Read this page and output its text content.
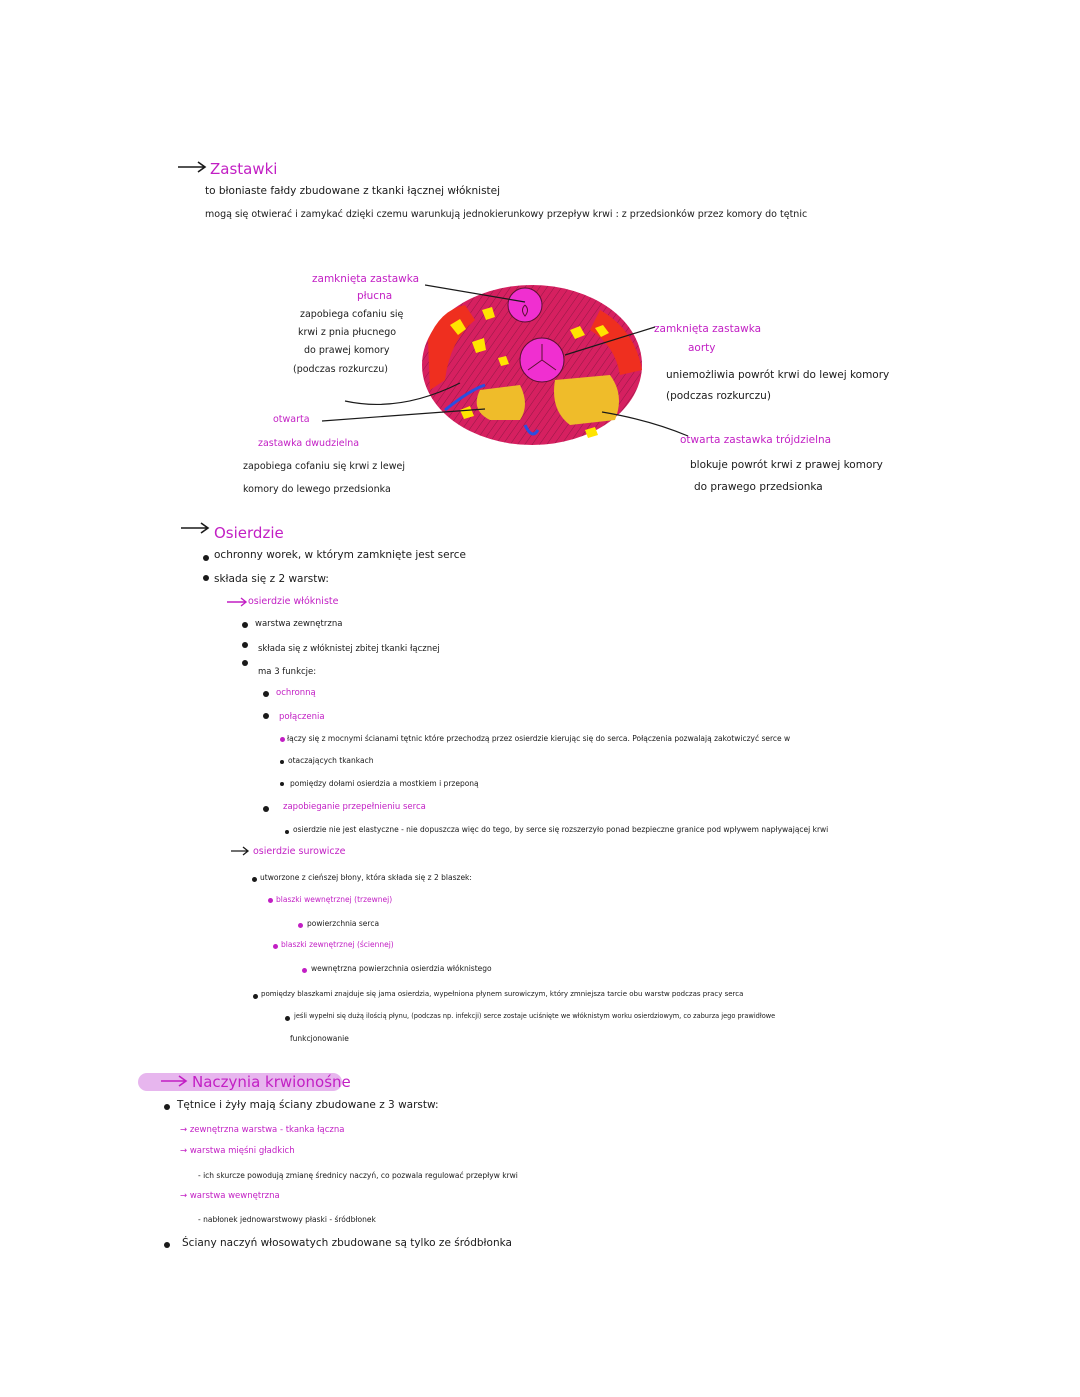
Zastawki
to błoniaste fałdy zbudowane z tkanki łącznej włóknistej
mogą się otwierać i zamykać dzięki czemu warunkują jednokierunkowy przepływ krwi : z przedsionków przez komory do tętnic
zamknięta zastawka
płucna
zapobiega cofaniu się
krwi z pnia płucnego
do prawej komory
(podczas rozkurczu)
zamknięta zastawka
aorty
uniemożliwia powrót krwi do lewej komory
(podczas rozkurczu)
otwarta
zastawka dwudzielna
zapobiega cofaniu się krwi z lewej
komory do lewego przedsionka
otwarta zastawka trójdzielna
blokuje powrót krwi z prawej komory
do prawego przedsionka
Osierdzie
ochronny worek, w którym zamknięte jest serce
składa się z 2 warstw:
osierdzie włókniste
warstwa zewnętrzna
składa się z włóknistej zbitej tkanki łącznej
ma 3 funkcje:
ochronną
połączenia
łączy się z mocnymi ścianami tętnic które przechodzą przez osierdzie kierując się do serca. Połączenia pozwalają zakotwiczyć serce w
otaczających tkankach
pomiędzy dołami osierdzia a mostkiem i przeponą
zapobieganie przepełnieniu serca
osierdzie nie jest elastyczne - nie dopuszcza więc do tego, by serce się rozszerzyło ponad bezpieczne granice pod wpływem napływającej krwi
osierdzie surowicze
utworzone z cieńszej błony, która składa się z 2 blaszek:
blaszki wewnętrznej (trzewnej)
powierzchnia serca
blaszki zewnętrznej (ściennej)
wewnętrzna powierzchnia osierdzia włóknistego
pomiędzy blaszkami znajduje się jama osierdzia, wypełniona płynem surowiczym, który zmniejsza tarcie obu warstw podczas pracy serca
jeśli wypełni się dużą ilością płynu, (podczas np. infekcji) serce zostaje uciśnięte we włóknistym worku osierdziowym, co zaburza jego prawidłowe
funkcjonowanie
Naczynia krwionośne
Tętnice i żyły mają ściany zbudowane z 3 warstw:
→ zewnętrzna warstwa - tkanka łączna
→ warstwa mięśni gładkich
- ich skurcze powodują zmianę średnicy naczyń, co pozwala regulować przepływ krwi
→ warstwa wewnętrzna
- nabłonek jednowarstwowy płaski - śródbłonek
Ściany naczyń włosowatych zbudowane są tylko ze śródbłonka
